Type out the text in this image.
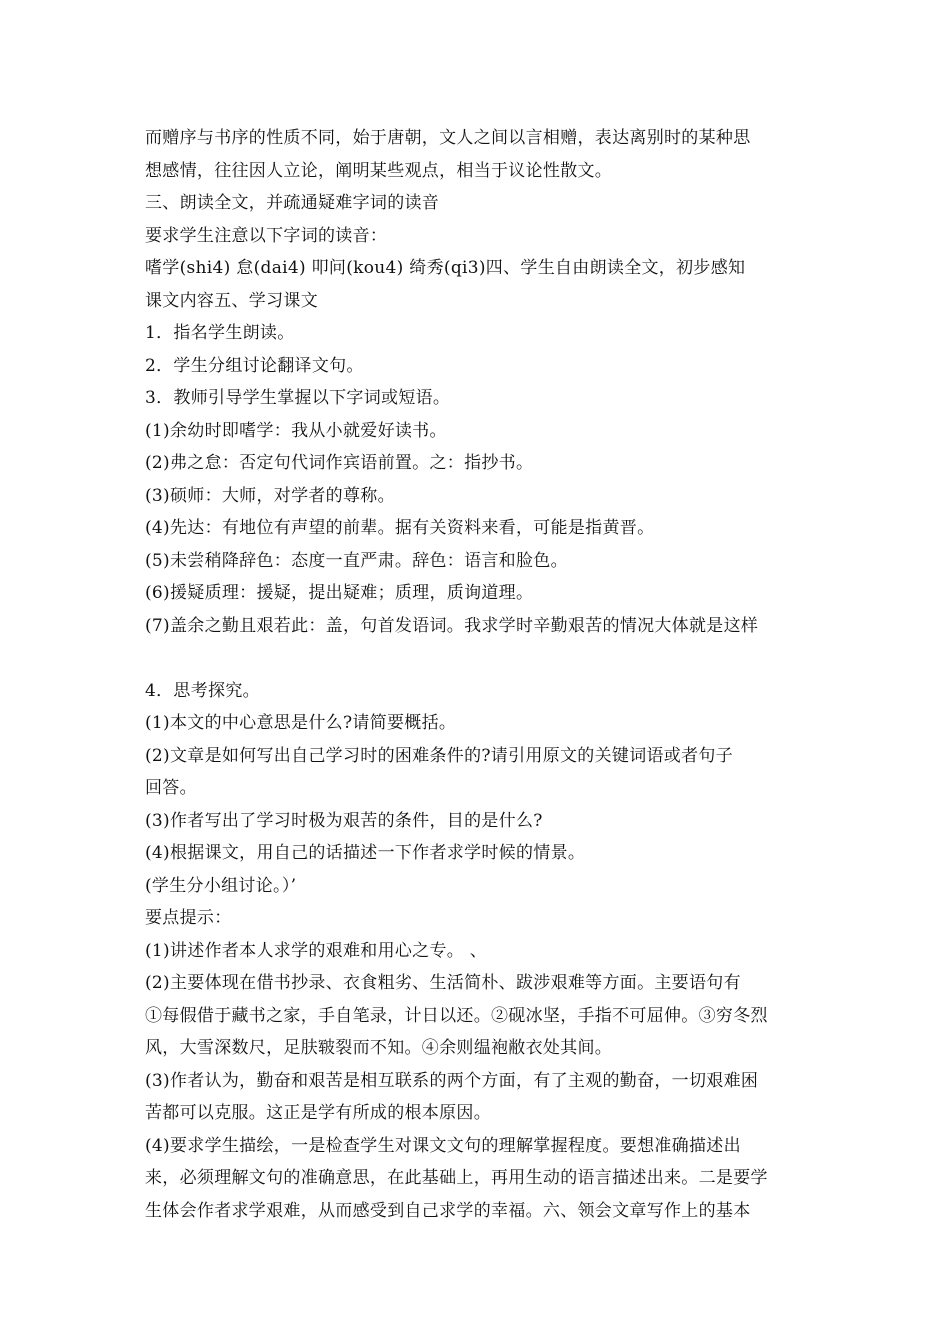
而赠序与书序的性质不同，始于唐朝，文人之间以言相赠，表达离别时的某种思
想感情，往往因人立论，阐明某些观点，相当于议论性散文。
三、朗读全文，并疏通疑难字词的读音
要求学生注意以下字词的读音：
嗜学(shi4) 怠(dai4) 叩问(kou4) 绮秀(qi3)四、学生自由朗读全文，初步感知
课文内容五、学习课文
1．指名学生朗读。
2．学生分组讨论翻译文句。
3．教师引导学生掌握以下字词或短语。
(1)余幼时即嗜学：我从小就爱好读书。
(2)弗之怠：否定句代词作宾语前置。之：指抄书。
(3)硕师：大师，对学者的尊称。
(4)先达：有地位有声望的前辈。据有关资料来看，可能是指黄晋。
(5)未尝稍降辞色：态度一直严肃。辞色：语言和脸色。
(6)援疑质理：援疑，提出疑难；质理，质询道理。
(7)盖余之勤且艰若此：盖，句首发语词。我求学时辛勤艰苦的情况大体就是这样
4．思考探究。
(1)本文的中心意思是什么?请简要概括。
(2)文章是如何写出自己学习时的困难条件的?请引用原文的关键词语或者句子
回答。
(3)作者写出了学习时极为艰苦的条件，目的是什么?
(4)根据课文，用自己的话描述一下作者求学时候的情景。
(学生分小组讨论。）’
要点提示：
(1)讲述作者本人求学的艰难和用心之专。 、
(2)主要体现在借书抄录、衣食粗劣、生活简朴、跋涉艰难等方面。主要语句有
①每假借于藏书之家，手自笔录，计日以还。②砚冰坚，手指不可屈伸。③穷冬烈
风，大雪深数尺，足肤皲裂而不知。④余则缊袍敝衣处其间。
(3)作者认为，勤奋和艰苦是相互联系的两个方面，有了主观的勤奋，一切艰难困
苦都可以克服。这正是学有所成的根本原因。
(4)要求学生描绘，一是检查学生对课文文句的理解掌握程度。要想准确描述出
来，必须理解文句的准确意思，在此基础上，再用生动的语言描述出来。二是要学
生体会作者求学艰难，从而感受到自己求学的幸福。六、领会文章写作上的基本
